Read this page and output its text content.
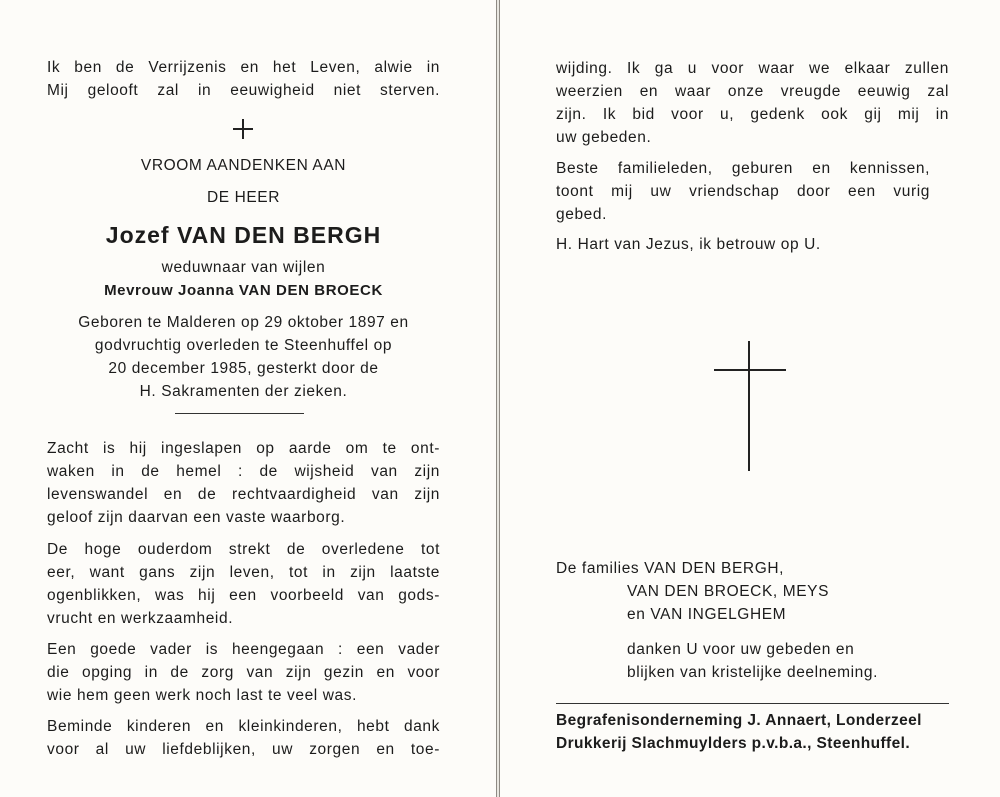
Ik ben de Verrijzenis en het Leven, alwie in
Mij gelooft zal in eeuwigheid niet sterven.
VROOM AANDENKEN AAN
DE HEER
Jozef VAN DEN BERGH
weduwnaar van wijlen
Mevrouw Joanna VAN DEN BROECK
Geboren te Malderen op 29 oktober 1897 en
godvruchtig overleden te Steenhuffel op
20 december 1985, gesterkt door de
H. Sakramenten der zieken.
Zacht is hij ingeslapen op aarde om te ont-
waken in de hemel : de wijsheid van zijn
levenswandel en de rechtvaardigheid van zijn
geloof zijn daarvan een vaste waarborg.
De hoge ouderdom strekt de overledene tot
eer, want gans zijn leven, tot in zijn laatste
ogenblikken, was hij een voorbeeld van gods-
vrucht en werkzaamheid.
Een goede vader is heengegaan : een vader
die opging in de zorg van zijn gezin en voor
wie hem geen werk noch last te veel was.
Beminde kinderen en kleinkinderen, hebt dank
voor al uw liefdeblijken, uw zorgen en toe-
wijding. Ik ga u voor waar we elkaar zullen
weerzien en waar onze vreugde eeuwig zal
zijn. Ik bid voor u, gedenk ook gij mij in
uw gebeden.
Beste familieleden, geburen en kennissen,
toont mij uw vriendschap door een vurig
gebed.
H. Hart van Jezus, ik betrouw op U.
De families VAN DEN BERGH,
VAN DEN BROECK, MEYS
en VAN INGELGHEM
danken U voor uw gebeden en
blijken van kristelijke deelneming.
Begrafenisonderneming J. Annaert, Londerzeel
Drukkerij Slachmuylders p.v.b.a., Steenhuffel.
